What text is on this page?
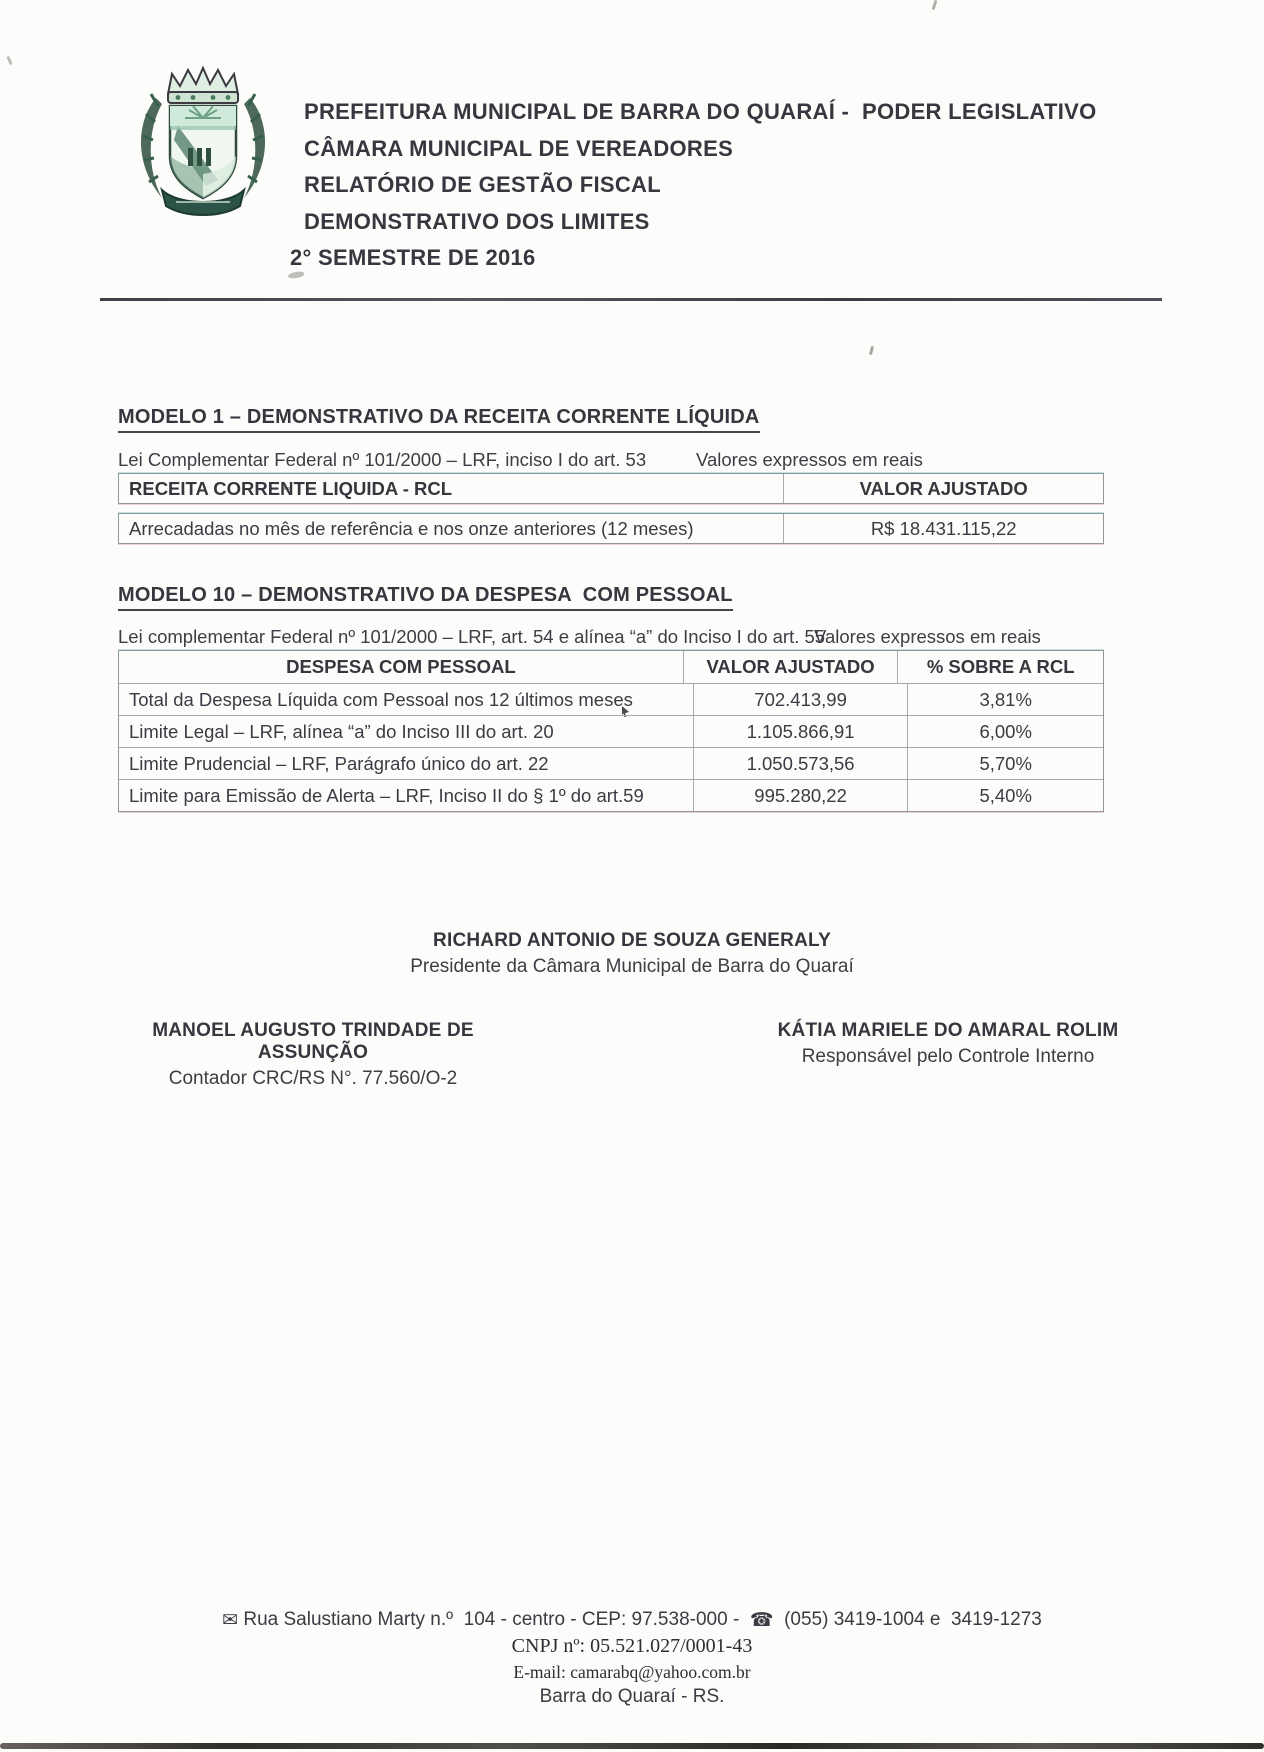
PREFEITURA MUNICIPAL DE BARRA DO QUARAÍ -  PODER LEGISLATIVO
CÂMARA MUNICIPAL DE VEREADORES
RELATÓRIO DE GESTÃO FISCAL
DEMONSTRATIVO DOS LIMITES
2° SEMESTRE DE 2016
MODELO 1 – DEMONSTRATIVO DA RECEITA CORRENTE LÍQUIDA
Lei Complementar Federal nº 101/2000 – LRF, inciso I do art. 53	Valores expressos em reais
RECEITA CORRENTE LIQUIDA - RCL	VALOR AJUSTADO
Arrecadadas no mês de referência e nos onze anteriores (12 meses)	R$ 18.431.115,22
MODELO 10 – DEMONSTRATIVO DA DESPESA  COM PESSOAL
Lei complementar Federal nº 101/2000 – LRF, art. 54 e alínea “a” do Inciso I do art. 55
Valores expressos em reais
DESPESA COM PESSOAL	VALOR AJUSTADO	% SOBRE A RCL
Total da Despesa Líquida com Pessoal nos 12 últimos meses	702.413,99	3,81%
Limite Legal – LRF, alínea “a” do Inciso III do art. 20	1.105.866,91	6,00%
Limite Prudencial – LRF, Parágrafo único do art. 22	1.050.573,56	5,70%
Limite para Emissão de Alerta – LRF, Inciso II do § 1º do art.59	995.280,22	5,40%
RICHARD ANTONIO DE SOUZA GENERALY
Presidente da Câmara Municipal de Barra do Quaraí
MANOEL AUGUSTO TRINDADE DE ASSUNÇÃO
Contador CRC/RS N°. 77.560/O-2
KÁTIA MARIELE DO AMARAL ROLIM
Responsável pelo Controle Interno
✉ Rua Salustiano Marty n.º  104 - centro - CEP: 97.538-000 -  ☎  (055) 3419-1004 e  3419-1273
CNPJ nº: 05.521.027/0001-43
E-mail: camarabq@yahoo.com.br
Barra do Quaraí - RS.
